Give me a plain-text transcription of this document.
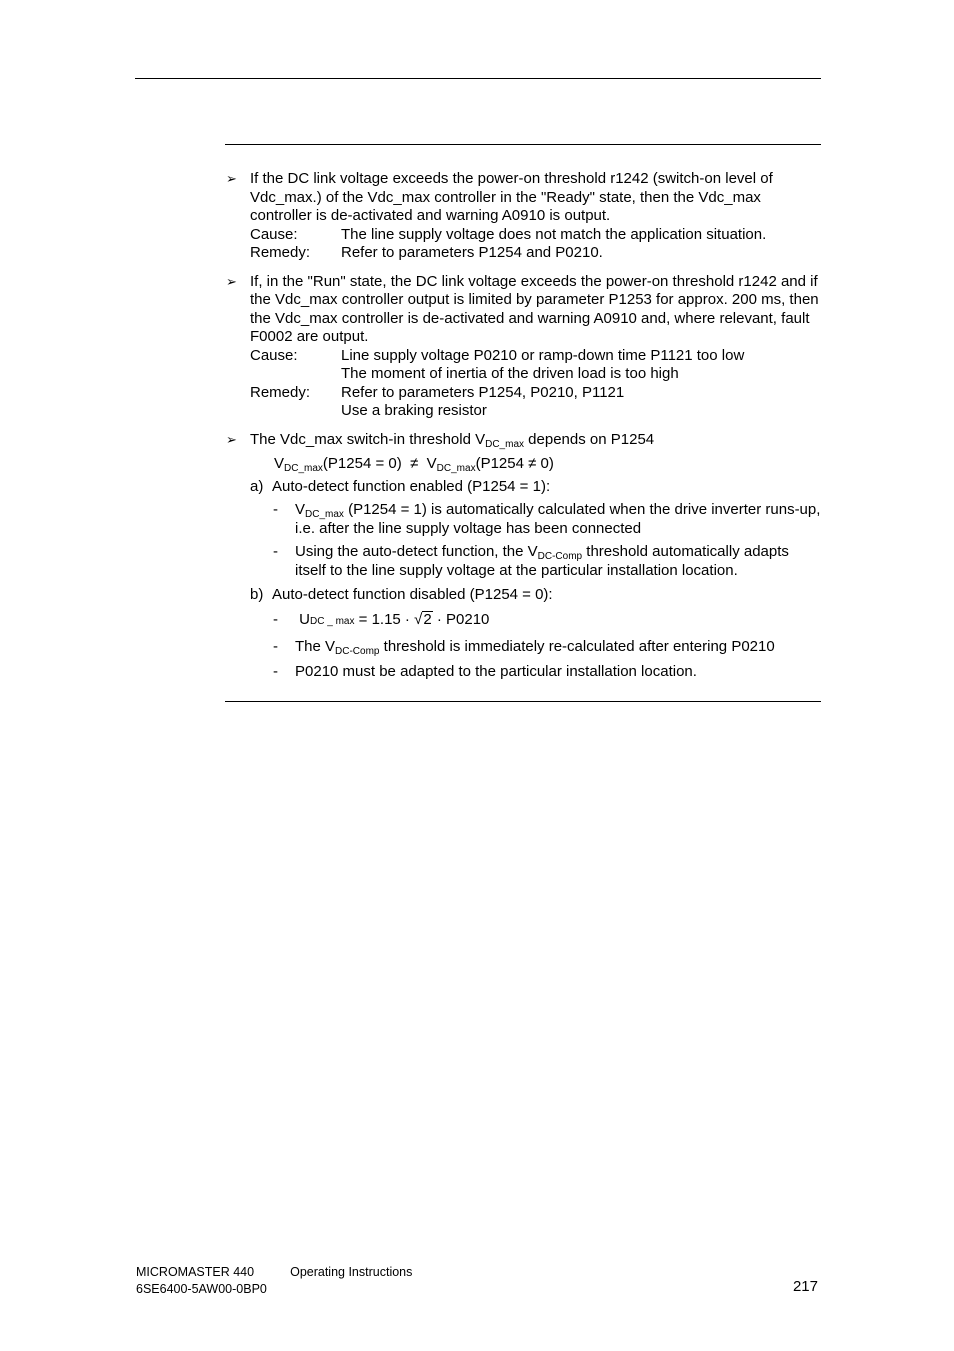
➢ If the DC link voltage exceeds the power-on threshold r1242 (switch-on level of Vdc_max.) of the Vdc_max controller in the "Ready" state, then the Vdc_max controller is de-activated and warning A0910 is output.
Cause:	The line supply voltage does not match the application situation.
Remedy:	Refer to parameters P1254 and P0210.
➢ If, in the "Run" state, the DC link voltage exceeds the power-on threshold r1242 and if the Vdc_max controller output is limited by parameter P1253 for approx. 200 ms, then the Vdc_max controller is de-activated and warning A0910 and, where relevant, fault F0002 are output.
Cause:	Line supply voltage P0210 or ramp-down time P1121 too low
The moment of inertia of the driven load is too high
Remedy:	Refer to parameters P1254, P0210, P1121
Use a braking resistor
➢ The Vdc_max switch-in threshold $V_{DC\_max}$ depends on P1254
$V_{DC\_max}(P1254 = 0) \ne V_{DC\_max}(P1254 \ne 0)$
a) Auto-detect function enabled (P1254 = 1):
- $V_{DC\_max}$ (P1254 = 1) is automatically calculated when the drive inverter runs-up, i.e. after the line supply voltage has been connected
- Using the auto-detect function, the $V_{DC-Comp}$ threshold automatically adapts itself to the line supply voltage at the particular installation location.
b) Auto-detect function disabled (P1254 = 0):
- UDC _ max = 1.15 · √2 · P0210
- The $V_{DC-Comp}$ threshold is immediately re-calculated after entering P0210
- P0210 must be adapted to the particular installation location.
MICROMASTER 440	Operating Instructions
6SE6400-5AW00-0BP0	217
